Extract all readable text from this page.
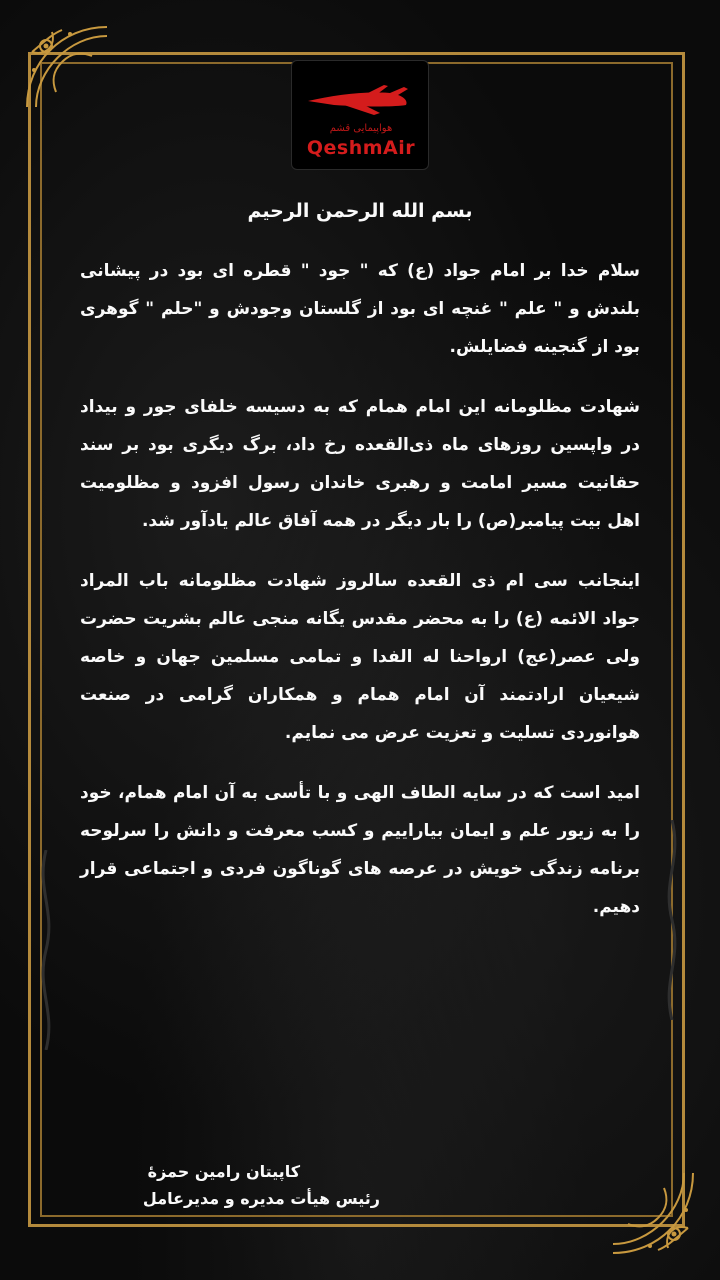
هواپیمایی قشم
QeshmAir

بسم الله الرحمن الرحیم

سلام خدا بر امام جواد (ع) که " جود " قطره ای بود در پیشانی بلندش و " علم " غنچه ای بود از گلستان وجودش و "حلم " گوهری بود از گنجینه فضایلش.

شهادت مظلومانه این امام همام که به دسیسه خلفای جور و بیداد در واپسین روزهای ماه ذی‌القعده رخ داد، برگ دیگری بود بر سند حقانیت مسیر امامت و رهبری خاندان رسول افزود و مظلومیت اهل بیت پیامبر(ص) را بار دیگر در همه آفاق عالم یادآور شد.

اینجانب سی ام ذی القعده سالروز شهادت مظلومانه باب المراد جواد الائمه (ع) را به محضر مقدس یگانه منجی عالم بشریت حضرت ولی عصر(عج) ارواحنا له الفدا و تمامی مسلمین جهان و خاصه شیعیان ارادتمند آن امام همام و همکاران گرامی در صنعت هوانوردی تسلیت و تعزیت عرض می نمایم.

امید است که در سایه الطاف الهی و با تأسی به آن امام همام، خود را به زیور علم و ایمان بیاراییم و کسب معرفت و دانش را سرلوحه برنامه زندگی خویش در عرصه های گوناگون فردی و اجتماعی قرار دهیم.

کاپیتان رامین حمزهٔ
رئیس هیأت مدیره و مدیرعامل
